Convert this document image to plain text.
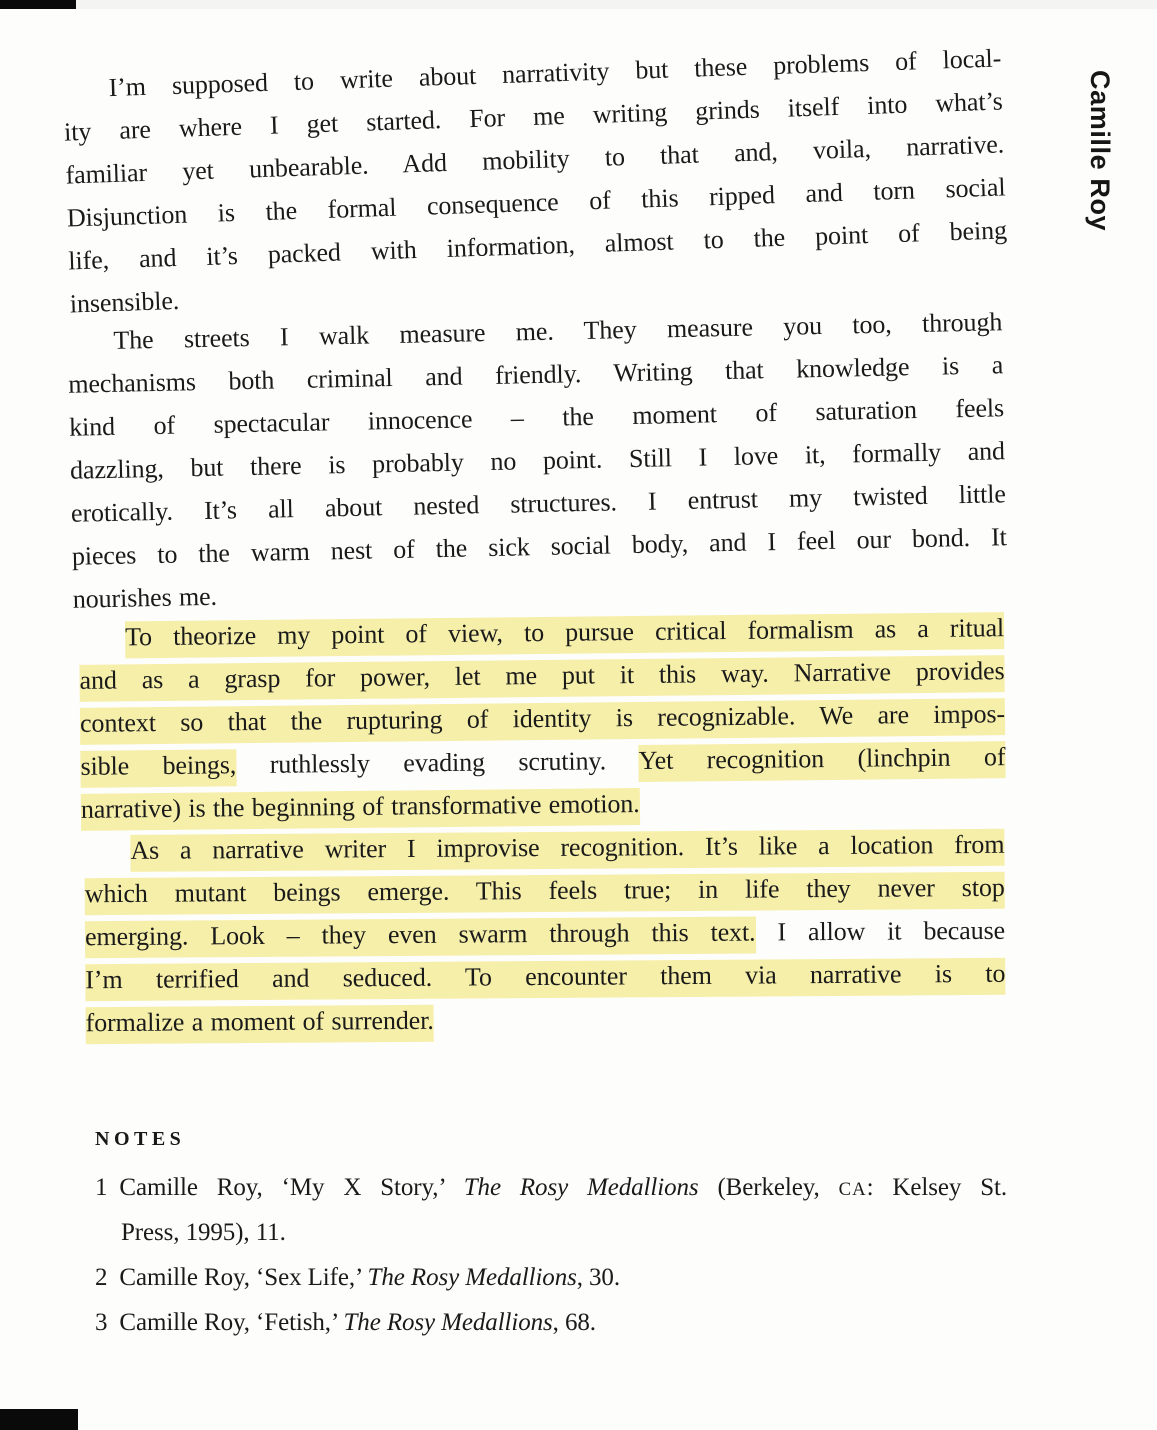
Camille Roy
I’m supposed to write about narrativity but these problems of local-
ity are where I get started. For me writing grinds itself into what’s
familiar yet unbearable. Add mobility to that and, voila, narrative.
Disjunction is the formal consequence of this ripped and torn social
life, and it’s packed with information, almost to the point of being
insensible.
The streets I walk measure me. They measure you too, through
mechanisms both criminal and friendly. Writing that knowledge is a
kind of spectacular innocence – the moment of saturation feels
dazzling, but there is probably no point. Still I love it, formally and
erotically. It’s all about nested structures. I entrust my twisted little
pieces to the warm nest of the sick social body, and I feel our bond. It
nourishes me.
To theorize my point of view, to pursue critical formalism as a ritual
and as a grasp for power, let me put it this way. Narrative provides
context so that the rupturing of identity is recognizable. We are impos-
sible beings, ruthlessly evading scrutiny. Yet recognition (linchpin of
narrative) is the beginning of transformative emotion.
As a narrative writer I improvise recognition. It’s like a location from
which mutant beings emerge. This feels true; in life they never stop
emerging. Look – they even swarm through this text. I allow it because
I’m terrified and seduced. To encounter them via narrative is to
formalize a moment of surrender.
NOTES
1 Camille Roy, ‘My X Story,’ The Rosy Medallions (Berkeley, CA: Kelsey St.
Press, 1995), 11.
2 Camille Roy, ‘Sex Life,’ The Rosy Medallions, 30.
3 Camille Roy, ‘Fetish,’ The Rosy Medallions, 68.
